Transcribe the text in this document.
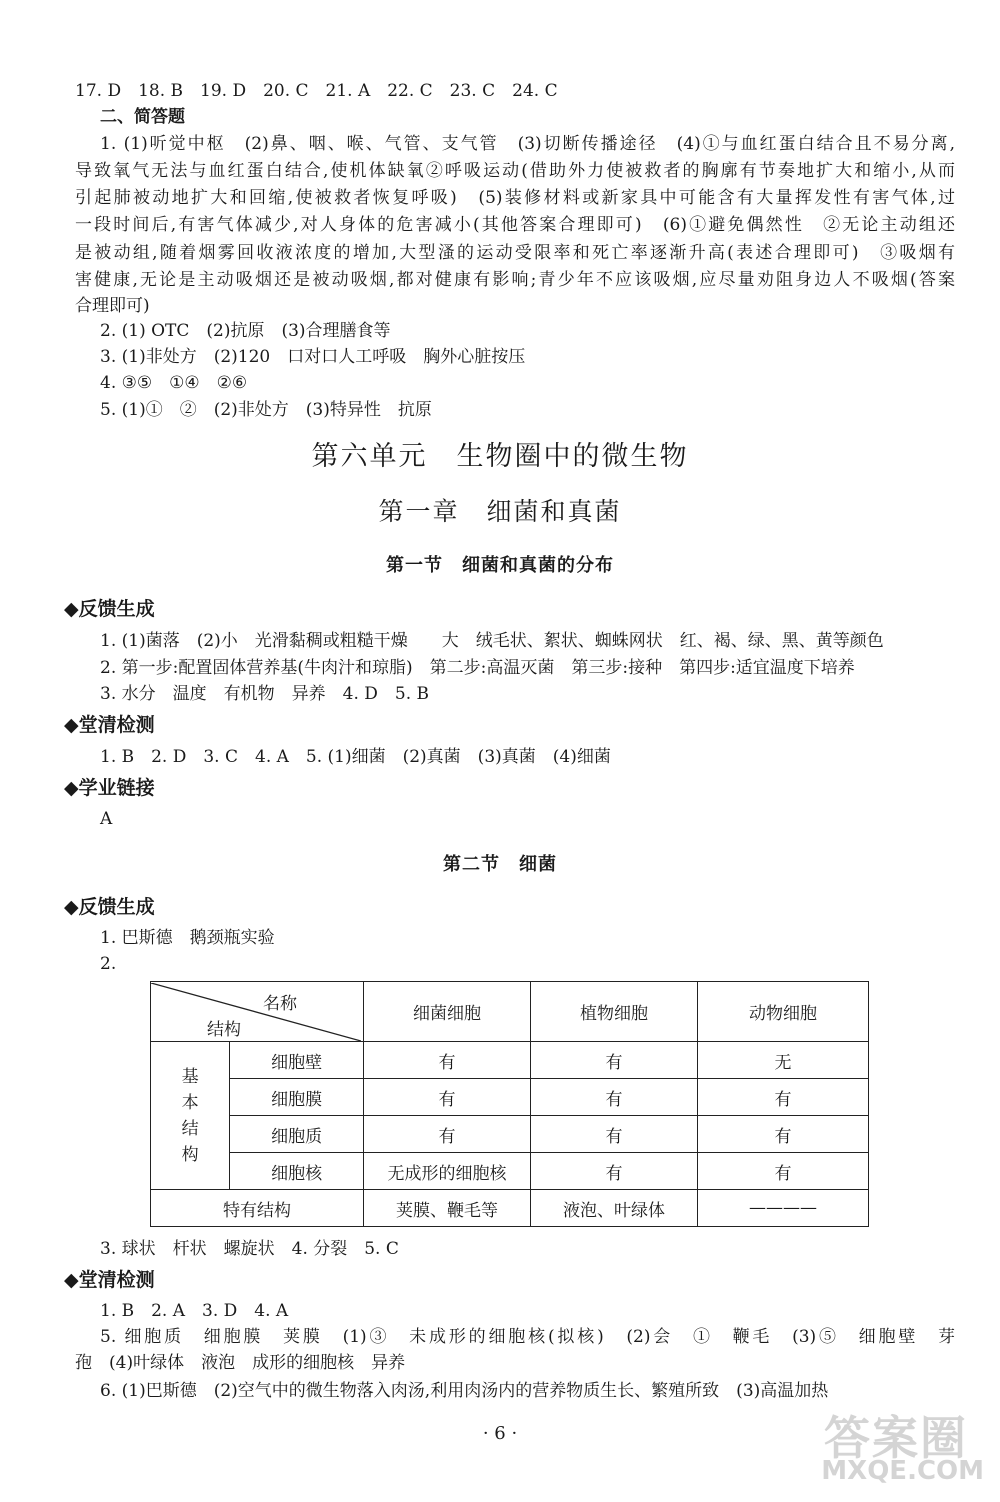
17. D　18. B　19. D　20. C　21. A　22. C　23. C　24. C
二、简答题
1. (1)听觉中枢　(2)鼻、咽、喉、气管、支气管　(3)切断传播途径　(4)①与血红蛋白结合且不易分离,
导致氧气无法与血红蛋白结合,使机体缺氧②呼吸运动(借助外力使被救者的胸廓有节奏地扩大和缩小,从而
引起肺被动地扩大和回缩,使被救者恢复呼吸)　(5)装修材料或新家具中可能含有大量挥发性有害气体,过
一段时间后,有害气体减少,对人身体的危害减小(其他答案合理即可)　(6)①避免偶然性　②无论主动组还
是被动组,随着烟雾回收液浓度的增加,大型溞的运动受限率和死亡率逐渐升高(表述合理即可)　③吸烟有
害健康,无论是主动吸烟还是被动吸烟,都对健康有影响;青少年不应该吸烟,应尽量劝阻身边人不吸烟(答案
合理即可)
2. (1) OTC　(2)抗原　(3)合理膳食等
3. (1)非处方　(2)120　口对口人工呼吸　胸外心脏按压
4. ③⑤　①④　②⑥
5. (1)①　②　(2)非处方　(3)特异性　抗原
第六单元　生物圈中的微生物
第一章　细菌和真菌
第一节　细菌和真菌的分布
◆反馈生成
1. (1)菌落　(2)小　光滑黏稠或粗糙干燥　　大　绒毛状、絮状、蜘蛛网状　红、褐、绿、黑、黄等颜色
2. 第一步:配置固体营养基(牛肉汁和琼脂)　第二步:高温灭菌　第三步:接种　第四步:适宜温度下培养
3. 水分　温度　有机物　异养　4. D　5. B
◆堂清检测
1. B　2. D　3. C　4. A　5. (1)细菌　(2)真菌　(3)真菌　(4)细菌
◆学业链接
A
第二节　细菌
◆反馈生成
1. 巴斯德　鹅颈瓶实验
2.
名称
结构		细菌细胞	植物细胞	动物细胞
基
本
结
构	细胞壁	有	有	无
	细胞膜	有	有	有
	细胞质	有	有	有
	细胞核	无成形的细胞核	有	有
特有结构		荚膜、鞭毛等	液泡、叶绿体	————
3. 球状　杆状　螺旋状　4. 分裂　5. C
◆堂清检测
1. B　2. A　3. D　4. A
5. 细胞质　细胞膜　荚膜　(1)③　未成形的细胞核(拟核)　(2)会　①　鞭毛　(3)⑤　细胞壁　芽
孢　(4)叶绿体　液泡　成形的细胞核　异养
6. (1)巴斯德　(2)空气中的微生物落入肉汤,利用肉汤内的营养物质生长、繁殖所致　(3)高温加热
· 6 ·	答案圈
MXQE.COM
